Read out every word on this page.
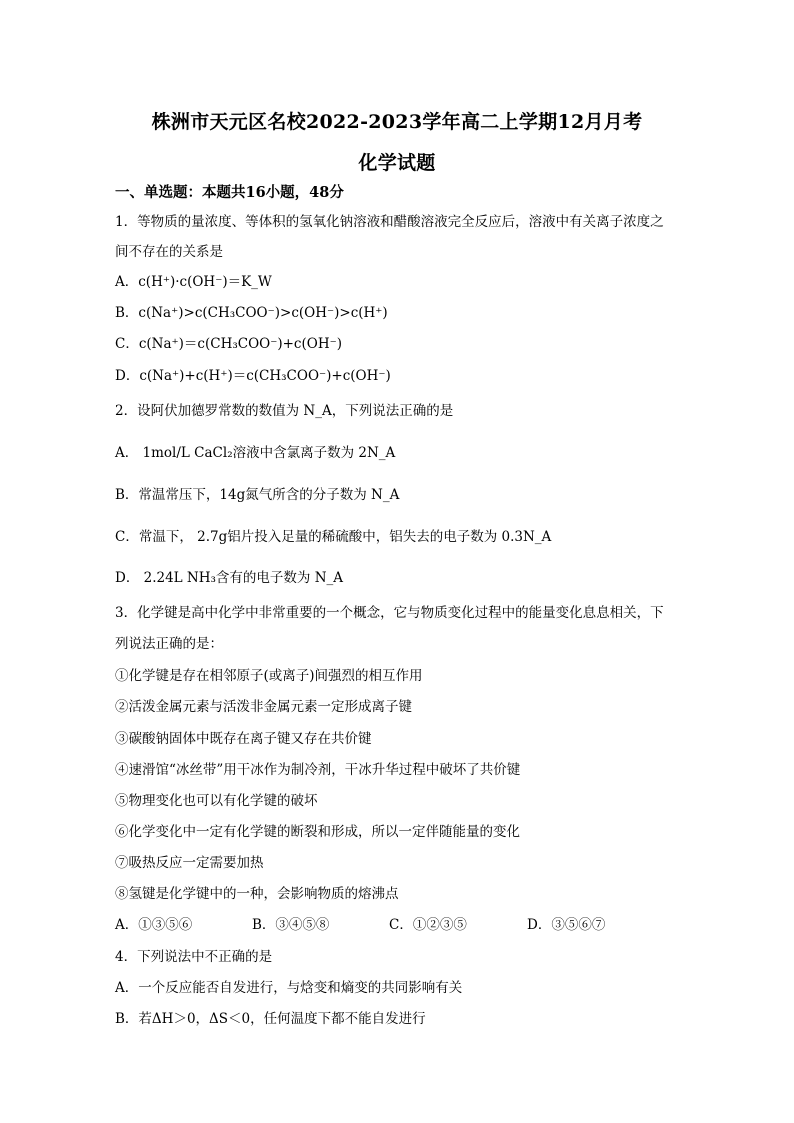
株洲市天元区名校2022-2023学年高二上学期12月月考
化学试题
一、单选题：本题共16小题，48分
1．等物质的量浓度、等体积的氢氧化钠溶液和醋酸溶液完全反应后，溶液中有关离子浓度之
间不存在的关系是
A．c(H⁺)·c(OH⁻)＝K_W
B．c(Na⁺)>c(CH₃COO⁻)>c(OH⁻)>c(H⁺)
C．c(Na⁺)＝c(CH₃COO⁻)+c(OH⁻)
D．c(Na⁺)+c(H⁺)＝c(CH₃COO⁻)+c(OH⁻)
2．设阿伏加德罗常数的数值为 N_A，下列说法正确的是
A． 1mol/L CaCl₂溶液中含氯离子数为 2N_A
B．常温常压下，14g氮气所含的分子数为 N_A
C．常温下， 2.7g铝片投入足量的稀硫酸中，铝失去的电子数为 0.3N_A
D． 2.24L NH₃含有的电子数为 N_A
3．化学键是高中化学中非常重要的一个概念，它与物质变化过程中的能量变化息息相关，下
列说法正确的是：
①化学键是存在相邻原子(或离子)间强烈的相互作用
②活泼金属元素与活泼非金属元素一定形成离子键
③碳酸钠固体中既存在离子键又存在共价键
④速滑馆“冰丝带”用干冰作为制冷剂，干冰升华过程中破坏了共价键
⑤物理变化也可以有化学键的破坏
⑥化学变化中一定有化学键的断裂和形成，所以一定伴随能量的变化
⑦吸热反应一定需要加热
⑧氢键是化学键中的一种，会影响物质的熔沸点
A．①③⑤⑥	B．③④⑤⑧	C．①②③⑤	D．③⑤⑥⑦
4．下列说法中不正确的是
A．一个反应能否自发进行，与焓变和熵变的共同影响有关
B．若ΔH＞0，ΔS＜0，任何温度下都不能自发进行
